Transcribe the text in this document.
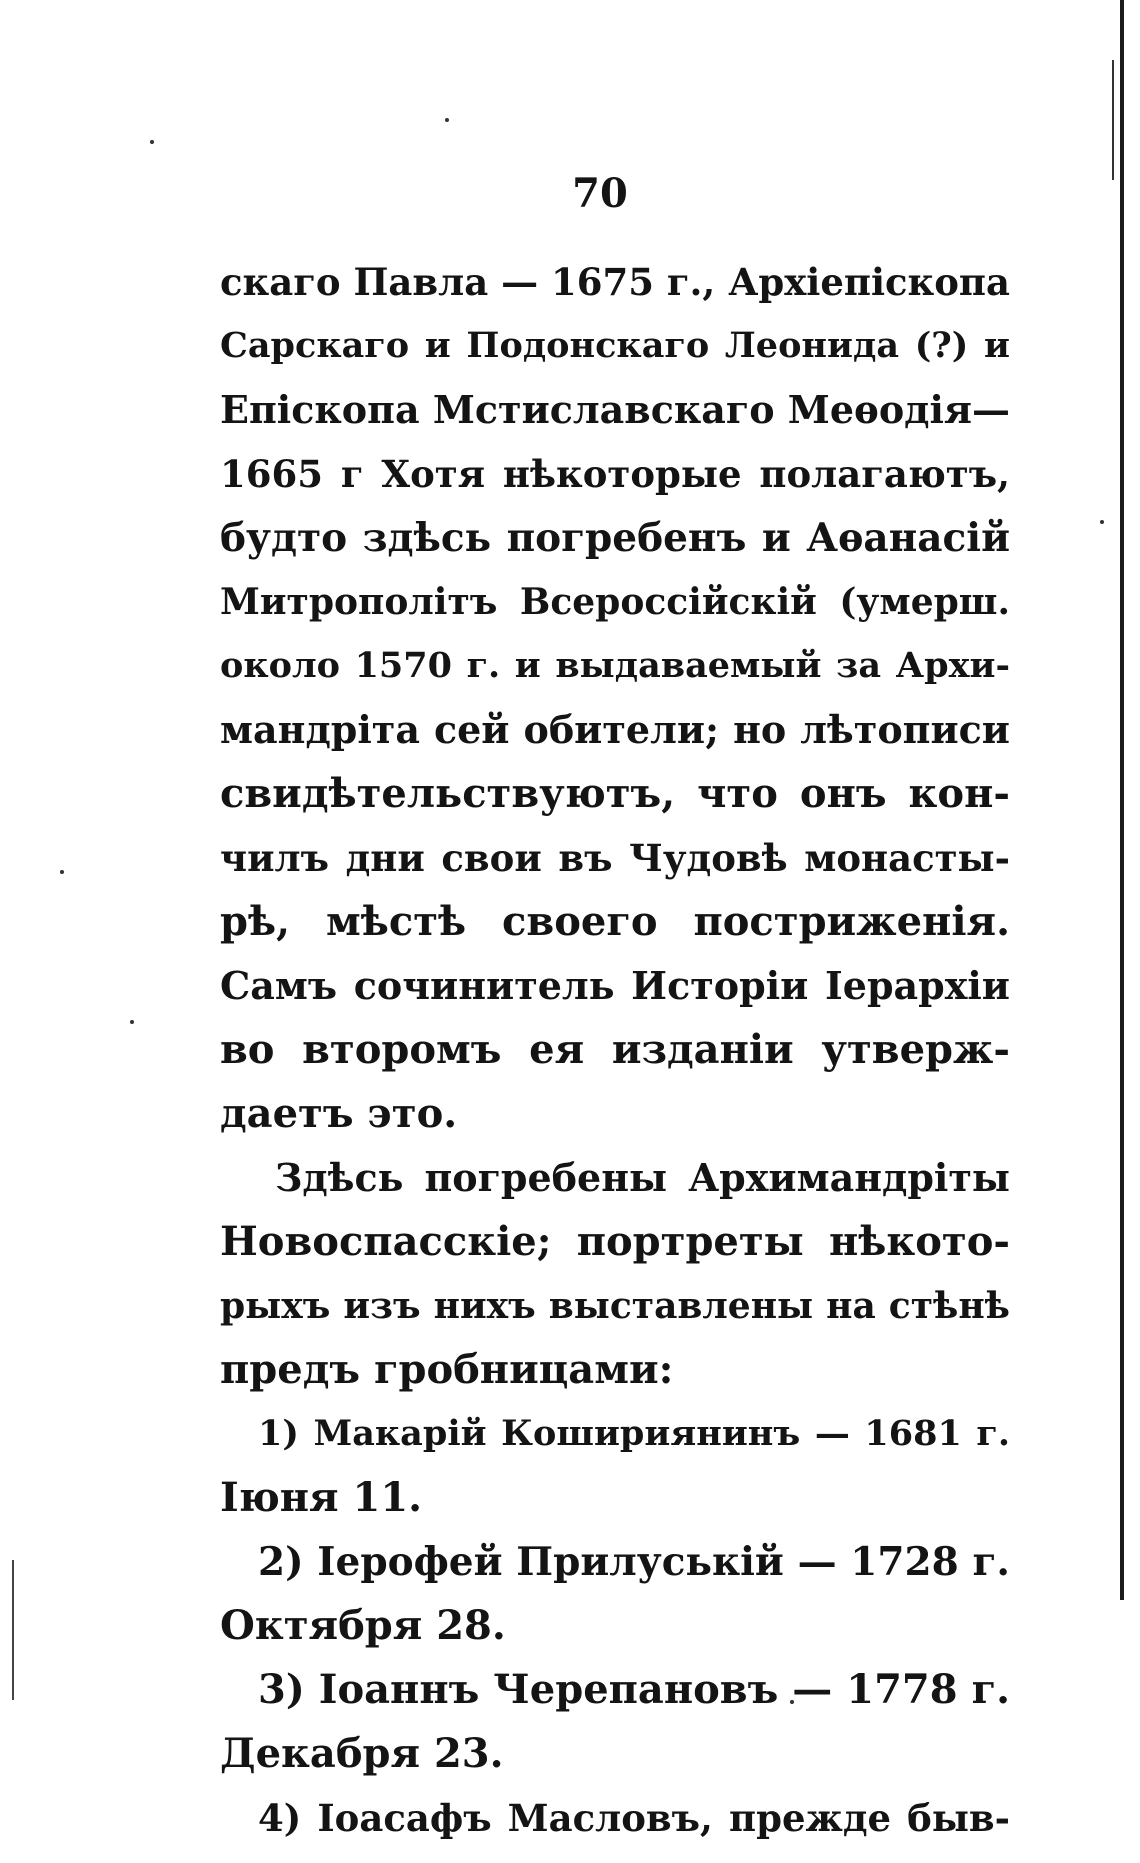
70
скаго Павла — 1675 г., Архіепіскопа
Сарскаго и Подонскаго Леонида (?) и
Епіскопа Мстиславскаго Меѳодія—
1665 г Хотя нѣкоторые полагаютъ,
будто здѣсь погребенъ и Аѳанасій
Митрополітъ Всероссійскій (умерш.
около 1570 г. и выдаваемый за Архи-
мандріта сей обители; но лѣтописи
свидѣтельствуютъ, что онъ кон-
чилъ дни свои въ Чудовѣ монасты-
рѣ, мѣстѣ своего постриженія.
Самъ сочинитель Исторіи Іерархіи
во второмъ ея изданіи утверж-
даетъ это.
Здѣсь погребены Архимандріты
Новоспасскіе; портреты нѣкото-
рыхъ изъ нихъ выставлены на стѣнѣ
предъ гробницами:
1) Макарій Кошириянинъ — 1681 г.
Іюня 11.
2) Іерофей Прилуській — 1728 г.
Октября 28.
3) Іоаннъ Черепановъ — 1778 г.
Декабря 23.
4) Іоасафъ Масловъ, прежде быв-
